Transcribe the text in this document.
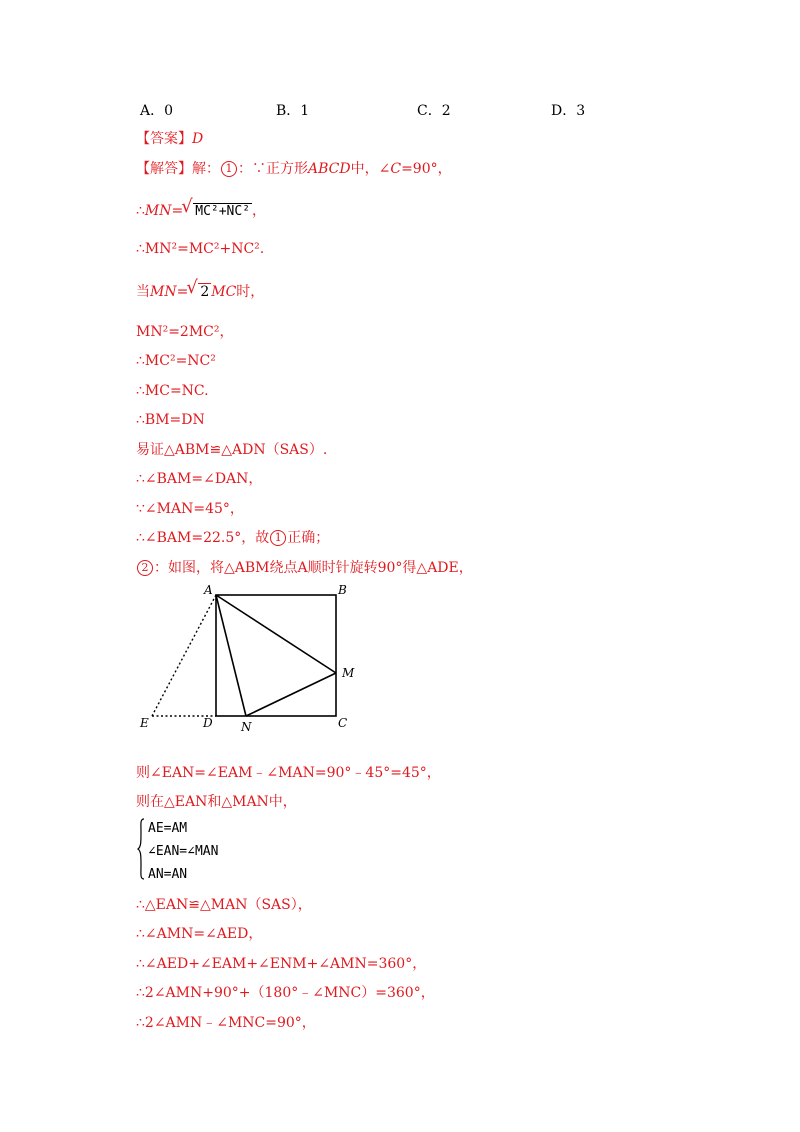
A．0	B．1	C．2	D．3
【答案】D
【解答】解： 1 ：∵正方形ABCD中，∠C=90°，
∴MN= √ MC²+NC² ，
∴MN²=MC²+NC².
当MN= √ 2 MC时，
MN²=2MC²，
∴MC²=NC²
∴MC=NC.
∴BM=DN
易证△ABM≌△ADN（SAS）.
∴∠BAM=∠DAN，
∵∠MAN=45°，
∴∠BAM=22.5°，故 1 正确；
2 ：如图，将△ABM绕点A顺时针旋转90°得△ADE，
A	B
M
C
D N
E
则∠EAN=∠EAM﹣∠MAN=90°﹣45°=45°，
则在△EAN和△MAN中，
AE=AM
∠EAN=∠MAN
AN=AN
∴△EAN≌△MAN（SAS），
∴∠AMN=∠AED，
∴∠AED+∠EAM+∠ENM+∠AMN=360°，
∴2∠AMN+90°+（180°﹣∠MNC）=360°，
∴2∠AMN﹣∠MNC=90°，
